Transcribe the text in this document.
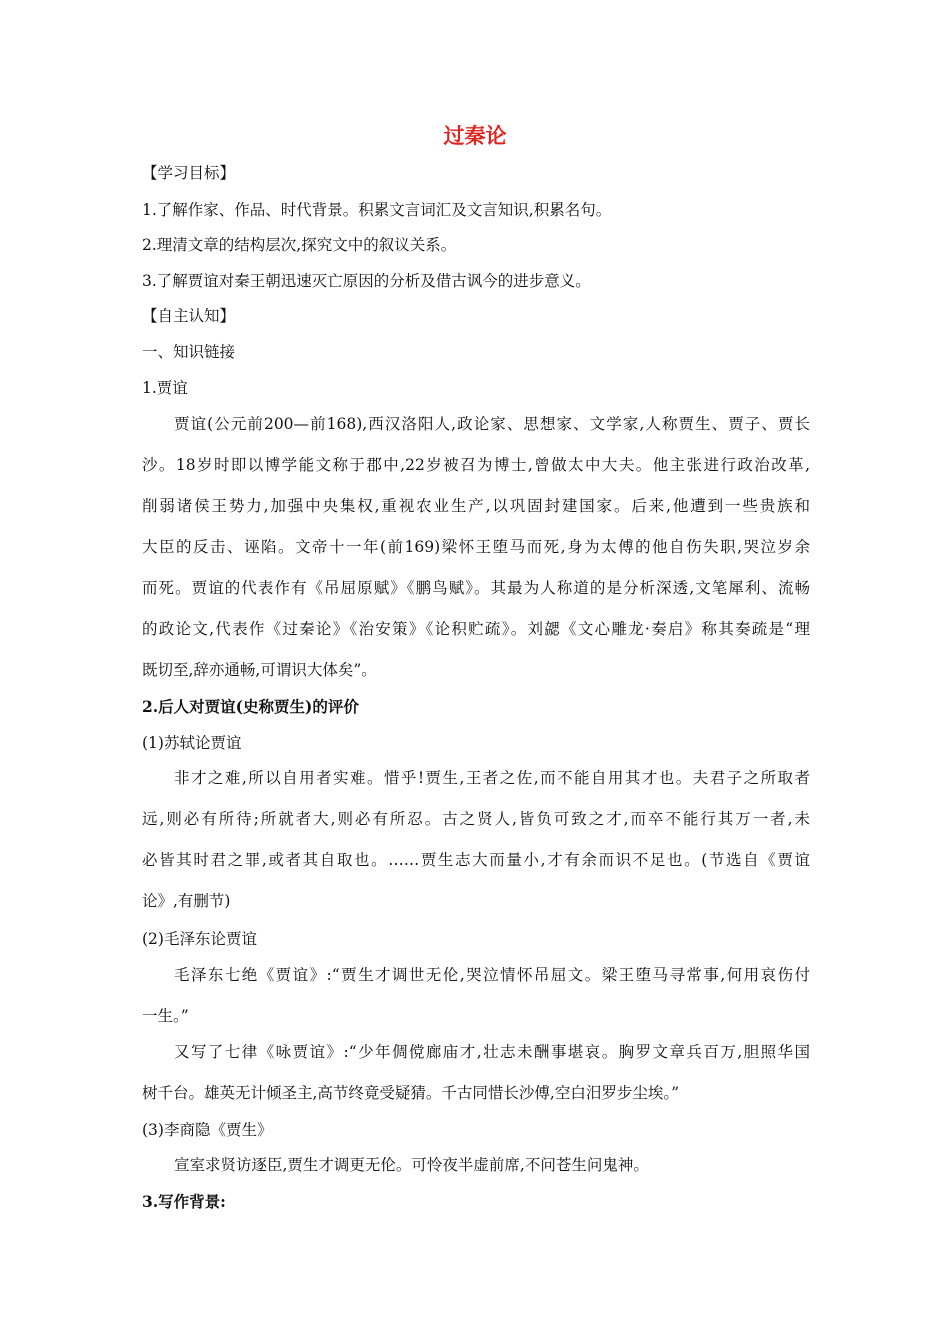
过秦论
【学习目标】
1.了解作家、作品、时代背景。积累文言词汇及文言知识,积累名句。
2.理清文章的结构层次,探究文中的叙议关系。
3.了解贾谊对秦王朝迅速灭亡原因的分析及借古讽今的进步意义。
【自主认知】
一、知识链接
1.贾谊
贾谊(公元前200—前168),西汉洛阳人,政论家、思想家、文学家,人称贾生、贾子、贾长
沙。18岁时即以博学能文称于郡中,22岁被召为博士,曾做太中大夫。他主张进行政治改革,
削弱诸侯王势力,加强中央集权,重视农业生产,以巩固封建国家。后来,他遭到一些贵族和
大臣的反击、诬陷。文帝十一年(前169)梁怀王堕马而死,身为太傅的他自伤失职,哭泣岁余
而死。贾谊的代表作有《吊屈原赋》《鹏鸟赋》。其最为人称道的是分析深透,文笔犀利、流畅
的政论文,代表作《过秦论》《治安策》《论积贮疏》。刘勰《文心雕龙·奏启》称其奏疏是“理
既切至,辞亦通畅,可谓识大体矣”。
2.后人对贾谊(史称贾生)的评价
(1)苏轼论贾谊
非才之难,所以自用者实难。惜乎!贾生,王者之佐,而不能自用其才也。夫君子之所取者
远,则必有所待;所就者大,则必有所忍。古之贤人,皆负可致之才,而卒不能行其万一者,未
必皆其时君之罪,或者其自取也。……贾生志大而量小,才有余而识不足也。(节选自《贾谊
论》,有删节)
(2)毛泽东论贾谊
毛泽东七绝《贾谊》:“贾生才调世无伦,哭泣情怀吊屈文。梁王堕马寻常事,何用哀伤付
一生。”
又写了七律《咏贾谊》:“少年倜傥廊庙才,壮志未酬事堪哀。胸罗文章兵百万,胆照华国
树千台。雄英无计倾圣主,高节终竟受疑猜。千古同惜长沙傅,空白汨罗步尘埃。”
(3)李商隐《贾生》
宣室求贤访逐臣,贾生才调更无伦。可怜夜半虚前席,不问苍生问鬼神。
3.写作背景:
